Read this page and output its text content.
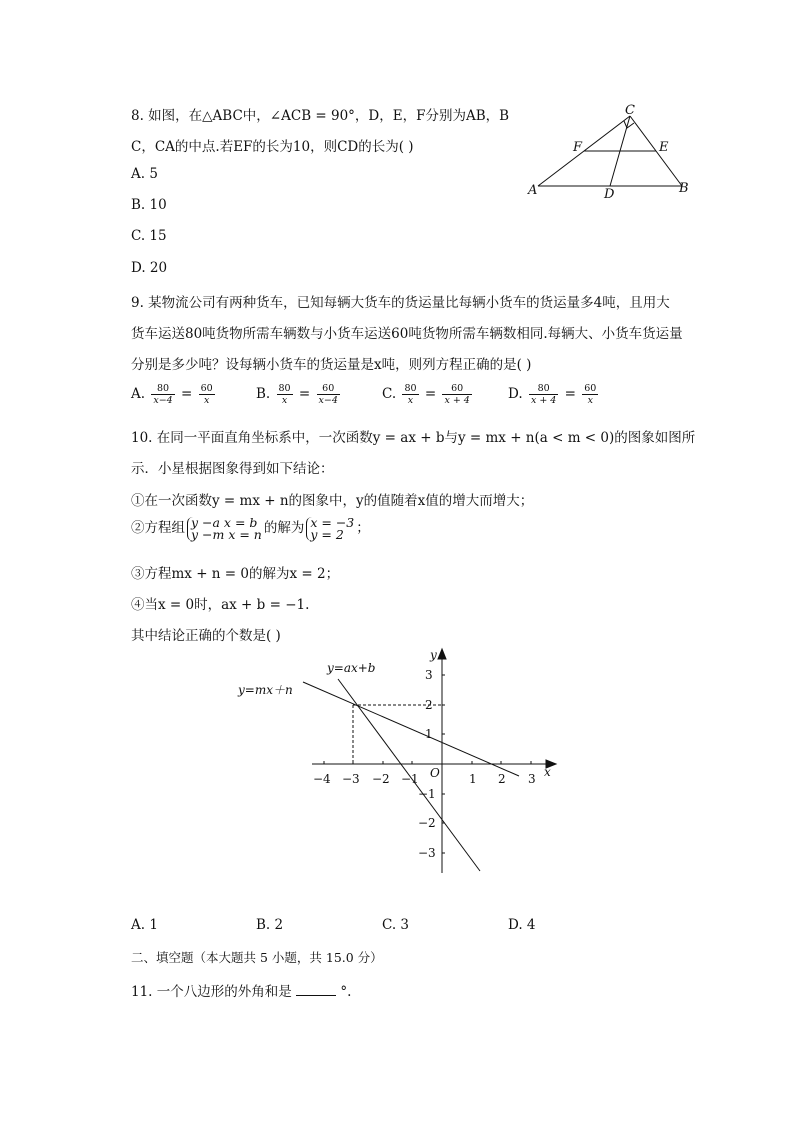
8. 如图，在△ABC中，∠ACB = 90°，D，E，F分别为AB，B
C，CA的中点.若EF的长为10，则CD的长为( )
A. 5
B. 10
C. 15
D. 20
C
F	E
A	D	B
9. 某物流公司有两种货车，已知每辆大货车的货运量比每辆小货车的货运量多4吨，且用大
货车运送80吨货物所需车辆数与小货车运送60吨货物所需车辆数相同.每辆大、小货车货运量
分别是多少吨？设每辆小货车的货运量是x吨，则列方程正确的是( )
A. $\frac{80}{x-4} = \frac{60}{x}$	B. $\frac{80}{x} = \frac{60}{x-4}$	C. $\frac{80}{x} = \frac{60}{x + 4}$	D. $\frac{80}{x + 4} = \frac{60}{x}$
10. 在同一平面直角坐标系中，一次函数y = ax + b与y = mx + n(a < m < 0)的图象如图所
示．小星根据图象得到如下结论：
①在一次函数y = mx + n的图象中，y的值随着x值的增大而增大；
②方程组 y −a x = b
y −m x = n 的解为 x = −3
y = 2 ；
③方程mx + n = 0的解为x = 2；
④当x = 0时，ax + b = −1.
其中结论正确的个数是( )
y=ax+b
y=mx＋n
−4 −3 −2 −1	1 2 3
3
2
1
−1
−2
−3
x
y
O
A. 1	B. 2	C. 3	D. 4
二、填空题（本大题共 5 小题，共 15.0 分）
11. 一个八边形的外角和是	°.
